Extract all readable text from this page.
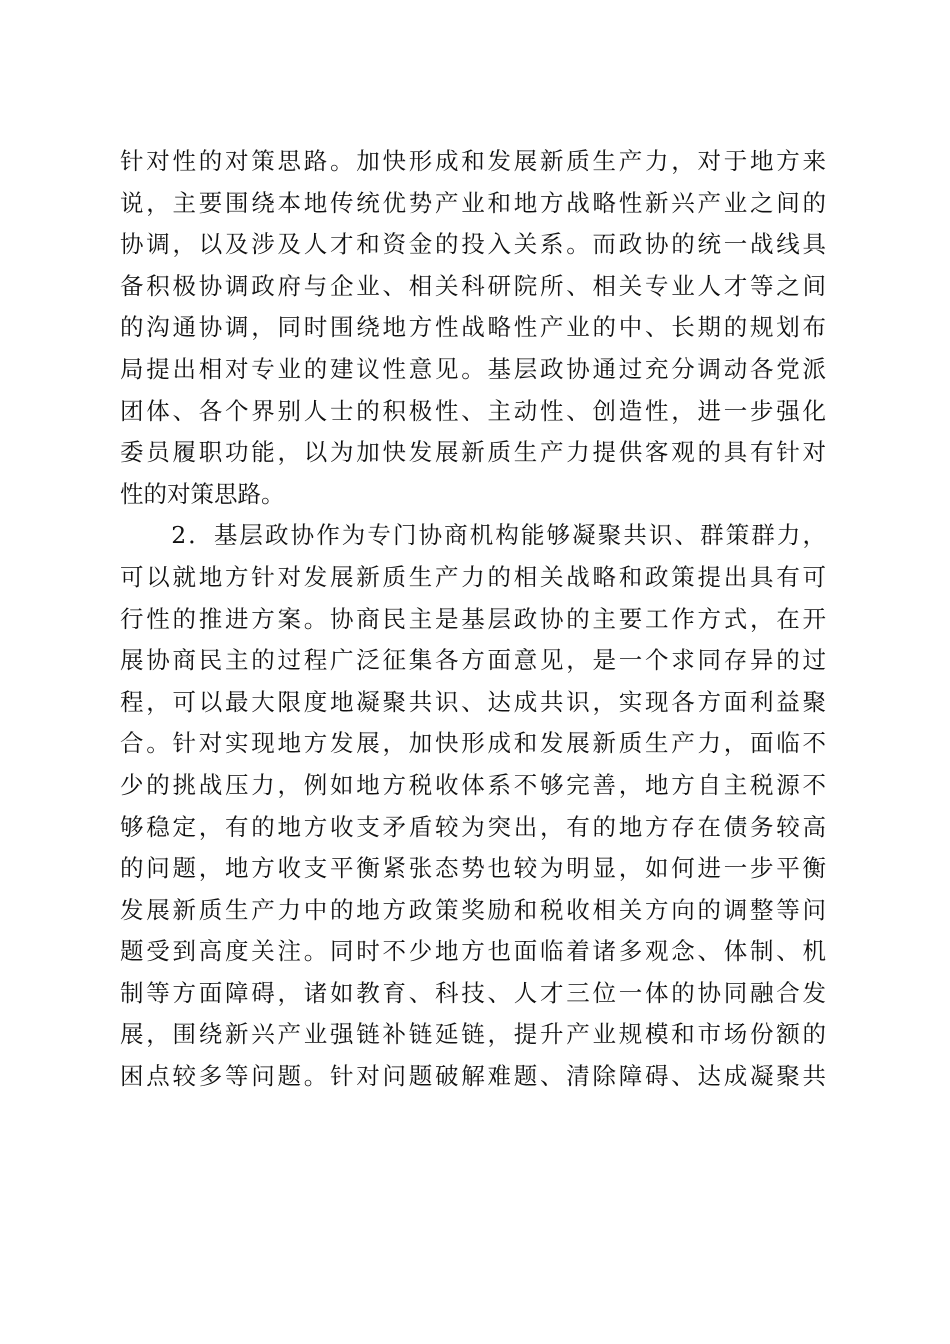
针对性的对策思路。加快形成和发展新质生产力，对于地方来
说，主要围绕本地传统优势产业和地方战略性新兴产业之间的
协调，以及涉及人才和资金的投入关系。而政协的统一战线具
备积极协调政府与企业、相关科研院所、相关专业人才等之间
的沟通协调，同时围绕地方性战略性产业的中、长期的规划布
局提出相对专业的建议性意见。基层政协通过充分调动各党派
团体、各个界别人士的积极性、主动性、创造性，进一步强化
委员履职功能，以为加快发展新质生产力提供客观的具有针对
性的对策思路。
　　2．基层政协作为专门协商机构能够凝聚共识、群策群力，
可以就地方针对发展新质生产力的相关战略和政策提出具有可
行性的推进方案。协商民主是基层政协的主要工作方式，在开
展协商民主的过程广泛征集各方面意见，是一个求同存异的过
程，可以最大限度地凝聚共识、达成共识，实现各方面利益聚
合。针对实现地方发展，加快形成和发展新质生产力，面临不
少的挑战压力，例如地方税收体系不够完善，地方自主税源不
够稳定，有的地方收支矛盾较为突出，有的地方存在债务较高
的问题，地方收支平衡紧张态势也较为明显，如何进一步平衡
发展新质生产力中的地方政策奖励和税收相关方向的调整等问
题受到高度关注。同时不少地方也面临着诸多观念、体制、机
制等方面障碍，诸如教育、科技、人才三位一体的协同融合发
展，围绕新兴产业强链补链延链，提升产业规模和市场份额的
困点较多等问题。针对问题破解难题、清除障碍、达成凝聚共
